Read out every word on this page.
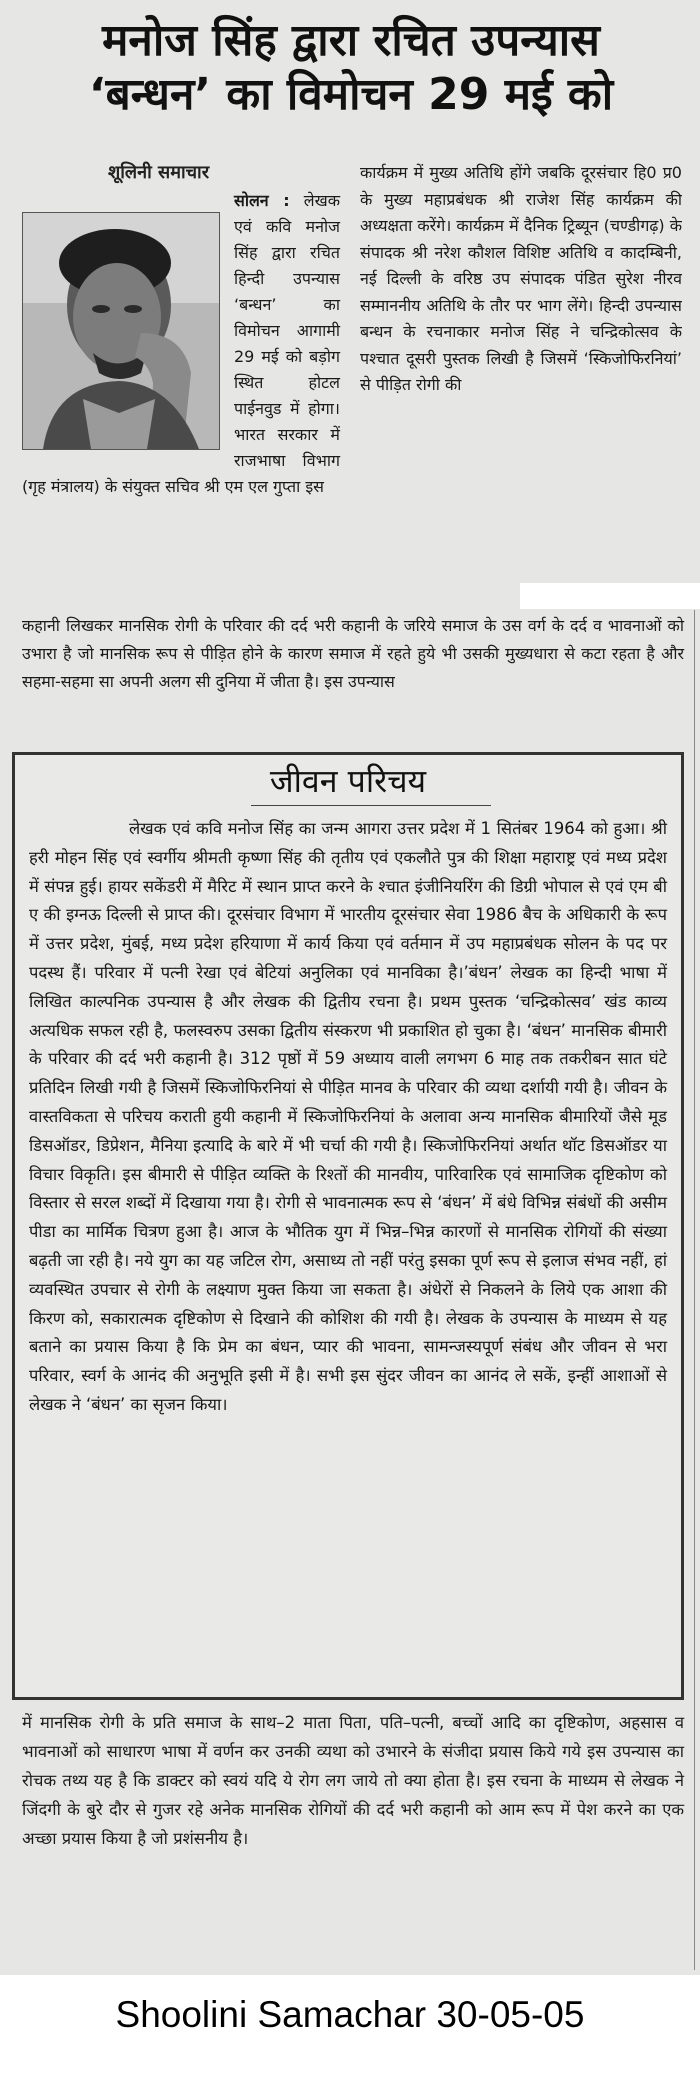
मनोज सिंह द्वारा रचित उपन्यास
‘बन्धन’ का विमोचन 29 मई को
शूलिनी समाचार
सोलन : लेखक एवं कवि मनोज सिंह द्वारा रचित हिन्दी उपन्यास ‘बन्धन’ का विमोचन आगामी 29 मई को बड़ोग स्थित होटल पाईनवुड में होगा। भारत सरकार में राजभाषा विभाग (गृह मंत्रालय) के संयुक्त सचिव श्री एम एल गुप्ता इस
कार्यक्रम में मुख्य अतिथि होंगे जबकि दूरसंचार हि0 प्र0 के मुख्य महाप्रबंधक श्री राजेश सिंह कार्यक्रम की अध्यक्षता करेंगे। कार्यक्रम में दैनिक ट्रिब्यून (चण्डीगढ़) के संपादक श्री नरेश कौशल विशिष्ट अतिथि व कादम्बिनी, नई दिल्ली के वरिष्ठ उप संपादक पंडित सुरेश नीरव सम्माननीय अतिथि के तौर पर भाग लेंगे। हिन्दी उपन्यास बन्धन के रचनाकार मनोज सिंह ने चन्द्रिकोत्सव के पश्चात दूसरी पुस्तक लिखी है जिसमें ‘स्किजोफिरनियां’ से पीड़ित रोगी की
कहानी लिखकर मानसिक रोगी के परिवार की दर्द भरी कहानी के जरिये समाज के उस वर्ग के दर्द व भावनाओं को उभारा है जो मानसिक रूप से पीड़ित होने के कारण समाज में रहते हुये भी उसकी मुख्यधारा से कटा रहता है और सहमा-सहमा सा अपनी अलग सी दुनिया में जीता है। इस उपन्यास
जीवन परिचय

लेखक एवं कवि मनोज सिंह का जन्म आगरा उत्तर प्रदेश में 1 सितंबर 1964 को हुआ। श्री हरी मोहन सिंह एवं स्वर्गीय श्रीमती कृष्णा सिंह की तृतीय एवं एकलौते पुत्र की शिक्षा महाराष्ट्र एवं मध्य प्रदेश में संपन्न हुई। हायर सकेंडरी में मैरिट में स्थान प्राप्त करने के श्चात इंजीनियरिंग की डिग्री भोपाल से एवं एम बी ए की इग्नऊ दिल्ली से प्राप्त की। दूरसंचार विभाग में भारतीय दूरसंचार सेवा 1986 बैच के अधिकारी के रूप में उत्तर प्रदेश, मुंबई, मध्य प्रदेश हरियाणा में कार्य किया एवं वर्तमान में उप महाप्रबंधक सोलन के पद पर पदस्थ हैं। परिवार में पत्नी रेखा एवं बेटियां अनुलिका एवं मानविका है।’बंधन’ लेखक का हिन्दी भाषा में लिखित काल्पनिक उपन्यास है और लेखक की द्वितीय रचना है। प्रथम पुस्तक ‘चन्द्रिकोत्सव’ खंड काव्य अत्यधिक सफल रही है, फलस्वरुप उसका द्वितीय संस्करण भी प्रकाशित हो चुका है। ‘बंधन’ मानसिक बीमारी के परिवार की दर्द भरी कहानी है। 312 पृष्ठों में 59 अध्याय वाली लगभग 6 माह तक तकरीबन सात घंटे प्रतिदिन लिखी गयी है जिसमें स्किजोफिरनियां से पीड़ित मानव के परिवार की व्यथा दर्शायी गयी है। जीवन के वास्तविकता से परिचय कराती हुयी कहानी में स्किजोफिरनियां के अलावा अन्य मानसिक बीमारियों जैसे मूड डिसऑडर, डिप्रेशन, मैनिया इत्यादि के बारे में भी चर्चा की गयी है। स्किजोफिरनियां अर्थात थॉट डिसऑडर या विचार विकृति। इस बीमारी से पीड़ित व्यक्ति के रिश्तों की मानवीय, पारिवारिक एवं सामाजिक दृष्टिकोण को विस्तार से सरल शब्दों में दिखाया गया है। रोगी से भावनात्मक रूप से ‘बंधन’ में बंधे विभिन्न संबंधों की असीम पीडा का मार्मिक चित्रण हुआ है। आज के भौतिक युग में भिन्न–भिन्न कारणों से मानसिक रोगियों की संख्या बढ़ती जा रही है। नये युग का यह जटिल रोग, असाध्य तो नहीं परंतु इसका पूर्ण रूप से इलाज संभव नहीं, हां व्यवस्थित उपचार से रोगी के लक्ष्याण मुक्त किया जा सकता है। अंधेरों से निकलने के लिये एक आशा की किरण को, सकारात्मक दृष्टिकोण से दिखाने की कोशिश की गयी है। लेखक के उपन्यास के माध्यम से यह बताने का प्रयास किया है कि प्रेम का बंधन, प्यार की भावना, सामन्जस्यपूर्ण संबंध और जीवन से भरा परिवार, स्वर्ग के आनंद की अनुभूति इसी में है। सभी इस सुंदर जीवन का आनंद ले सकें, इन्हीं आशाओं से लेखक ने ‘बंधन’ का सृजन किया।

में मानसिक रोगी के प्रति समाज के साथ–2 माता पिता, पति–पत्नी, बच्चों आदि का दृष्टिकोण, अहसास व भावनाओं को साधारण भाषा में वर्णन कर उनकी व्यथा को उभारने के संजीदा प्रयास किये गये इस उपन्यास का रोचक तथ्य यह है कि डाक्टर को स्वयं यदि ये रोग लग जाये तो क्या होता है। इस रचना के माध्यम से लेखक ने जिंदगी के बुरे दौर से गुजर रहे अनेक मानसिक रोगियों की दर्द भरी कहानी को आम रूप में पेश करने का एक अच्छा प्रयास किया है जो प्रशंसनीय है।

Shoolini Samachar 30-05-05
